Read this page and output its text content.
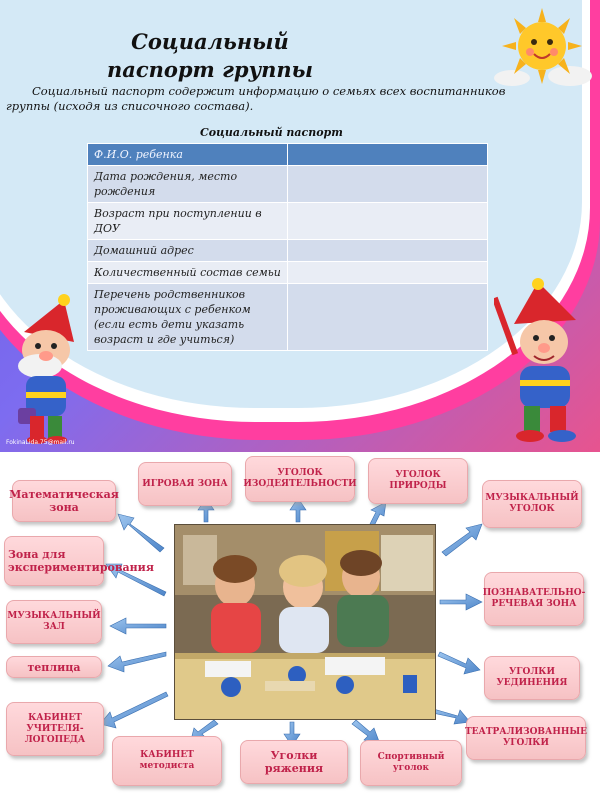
Социальный паспорт группы
Социальный паспорт содержит информацию о семьях всех воспитанников группы (исходя из списочного состава).
Социальный паспорт
Ф.И.О. ребенка	
Дата рождения, место рождения	
Возраст при поступлении в ДОУ	
Домашний адрес	
Количественный состав семьи	
Перечень родственников проживающих с ребенком (если есть дети указать возраст и где учиться)	
FokinaLida.75@mail.ru
Математическая зона
ИГРОВАЯ ЗОНА
УГОЛОК ИЗОДЕЯТЕЛЬНОСТИ
УГОЛОК ПРИРОДЫ
МУЗЫКАЛЬНЫЙ УГОЛОК
Зона для экспериментирования
ПОЗНАВАТЕЛЬНО-РЕЧЕВАЯ ЗОНА
МУЗЫКАЛЬНЫЙ ЗАЛ
теплица	УГОЛКИ УЕДИНЕНИЯ
КАБИНЕТ УЧИТЕЛЯ-ЛОГОПЕДА
КАБИНЕТ методиста
Уголки ряжения
Спортивный уголок
ТЕАТРАЛИЗОВАННЫЕ УГОЛКИ
